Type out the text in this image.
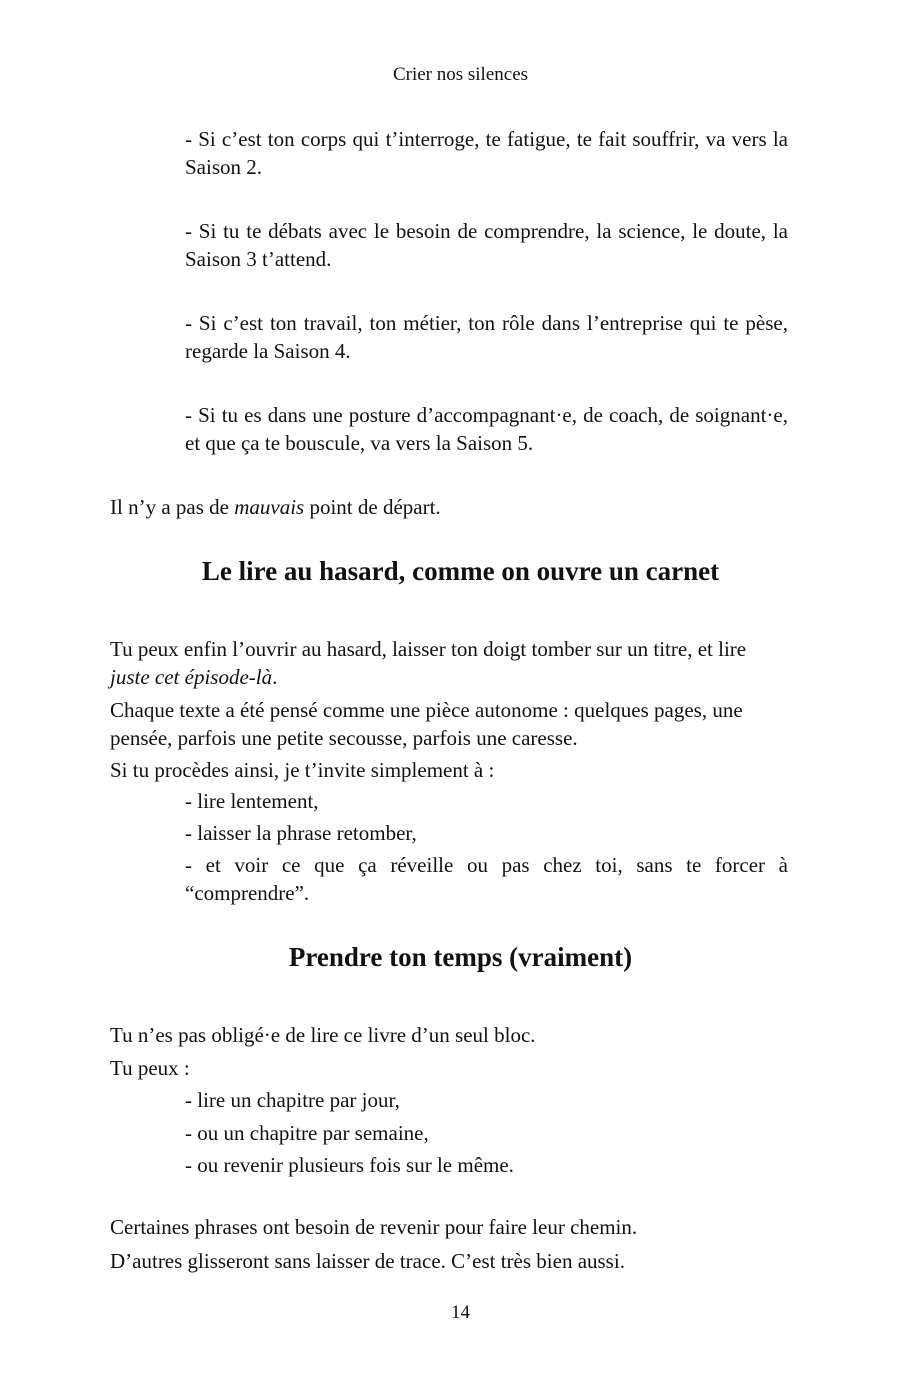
Crier nos silences

- Si c’est ton corps qui t’interroge, te fatigue, te fait souffrir, va vers la Saison 2.

- Si tu te débats avec le besoin de comprendre, la science, le doute, la Saison 3 t’attend.

- Si c’est ton travail, ton métier, ton rôle dans l’entreprise qui te pèse, regarde la Saison 4.

- Si tu es dans une posture d’accompagnant·e, de coach, de soignant·e, et que ça te bouscule, va vers la Saison 5.

Il n’y a pas de mauvais point de départ.

Le lire au hasard, comme on ouvre un carnet

Tu peux enfin l’ouvrir au hasard, laisser ton doigt tomber sur un titre, et lire juste cet épisode-là.

Chaque texte a été pensé comme une pièce autonome : quelques pages, une pensée, parfois une petite secousse, parfois une caresse.

Si tu procèdes ainsi, je t’invite simplement à :

- lire lentement,

- laisser la phrase retomber,

- et voir ce que ça réveille ou pas chez toi, sans te forcer à “comprendre”.

Prendre ton temps (vraiment)

Tu n’es pas obligé·e de lire ce livre d’un seul bloc.

Tu peux :

- lire un chapitre par jour,

- ou un chapitre par semaine,

- ou revenir plusieurs fois sur le même.

Certaines phrases ont besoin de revenir pour faire leur chemin.

D’autres glisseront sans laisser de trace. C’est très bien aussi.

14
